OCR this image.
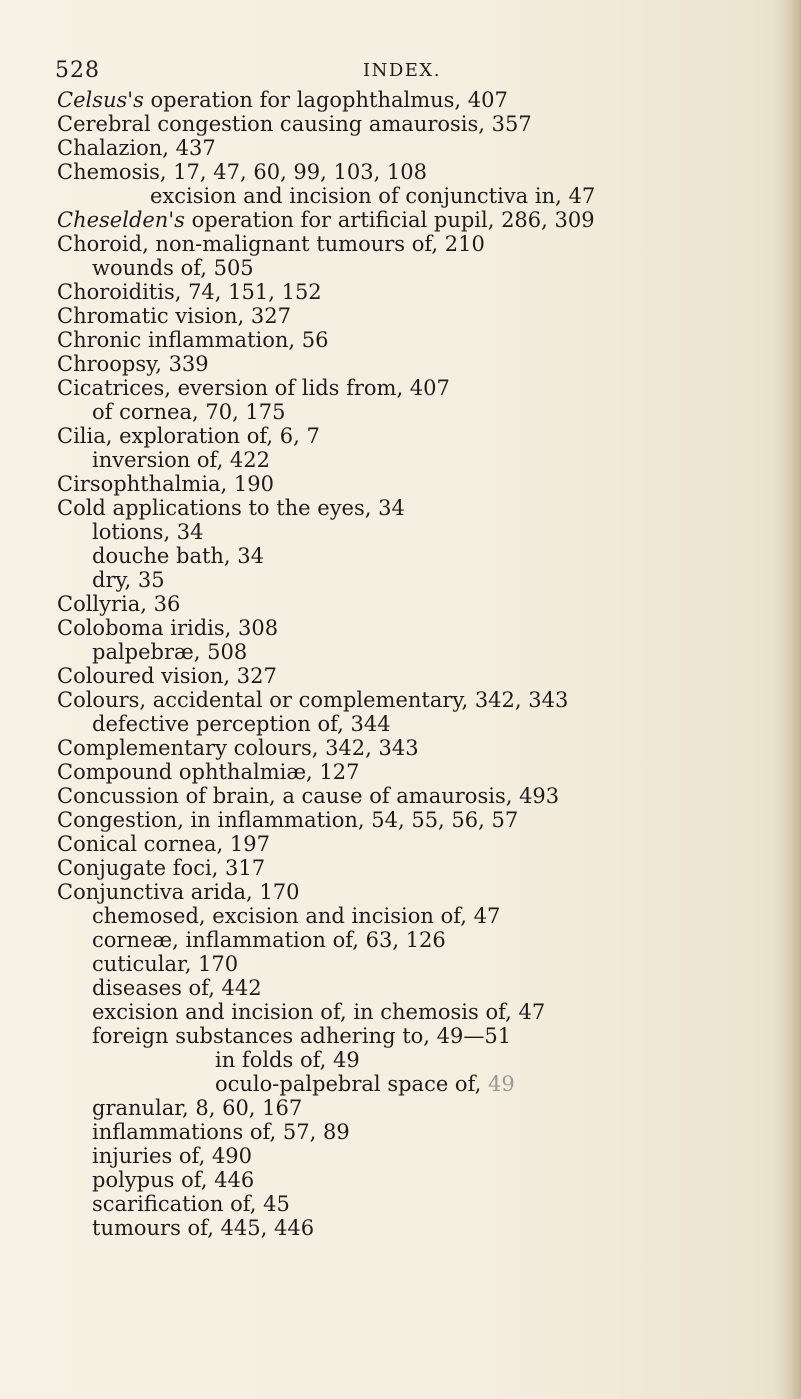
528	INDEX.
Celsus's operation for lagophthalmus, 407
Cerebral congestion causing amaurosis, 357
Chalazion, 437
Chemosis, 17, 47, 60, 99, 103, 108
excision and incision of conjunctiva in, 47
Cheselden's operation for artificial pupil, 286, 309
Choroid, non-malignant tumours of, 210
wounds of, 505
Choroiditis, 74, 151, 152
Chromatic vision, 327
Chronic inflammation, 56
Chroopsy, 339
Cicatrices, eversion of lids from, 407
of cornea, 70, 175
Cilia, exploration of, 6, 7
inversion of, 422
Cirsophthalmia, 190
Cold applications to the eyes, 34
lotions, 34
douche bath, 34
dry, 35
Collyria, 36
Coloboma iridis, 308
palpebræ, 508
Coloured vision, 327
Colours, accidental or complementary, 342, 343
defective perception of, 344
Complementary colours, 342, 343
Compound ophthalmiæ, 127
Concussion of brain, a cause of amaurosis, 493
Congestion, in inflammation, 54, 55, 56, 57
Conical cornea, 197
Conjugate foci, 317
Conjunctiva arida, 170
chemosed, excision and incision of, 47
corneæ, inflammation of, 63, 126
cuticular, 170
diseases of, 442
excision and incision of, in chemosis of, 47
foreign substances adhering to, 49—51
in folds of, 49
oculo-palpebral space of, 49
granular, 8, 60, 167
inflammations of, 57, 89
injuries of, 490
polypus of, 446
scarification of, 45
tumours of, 445, 446
